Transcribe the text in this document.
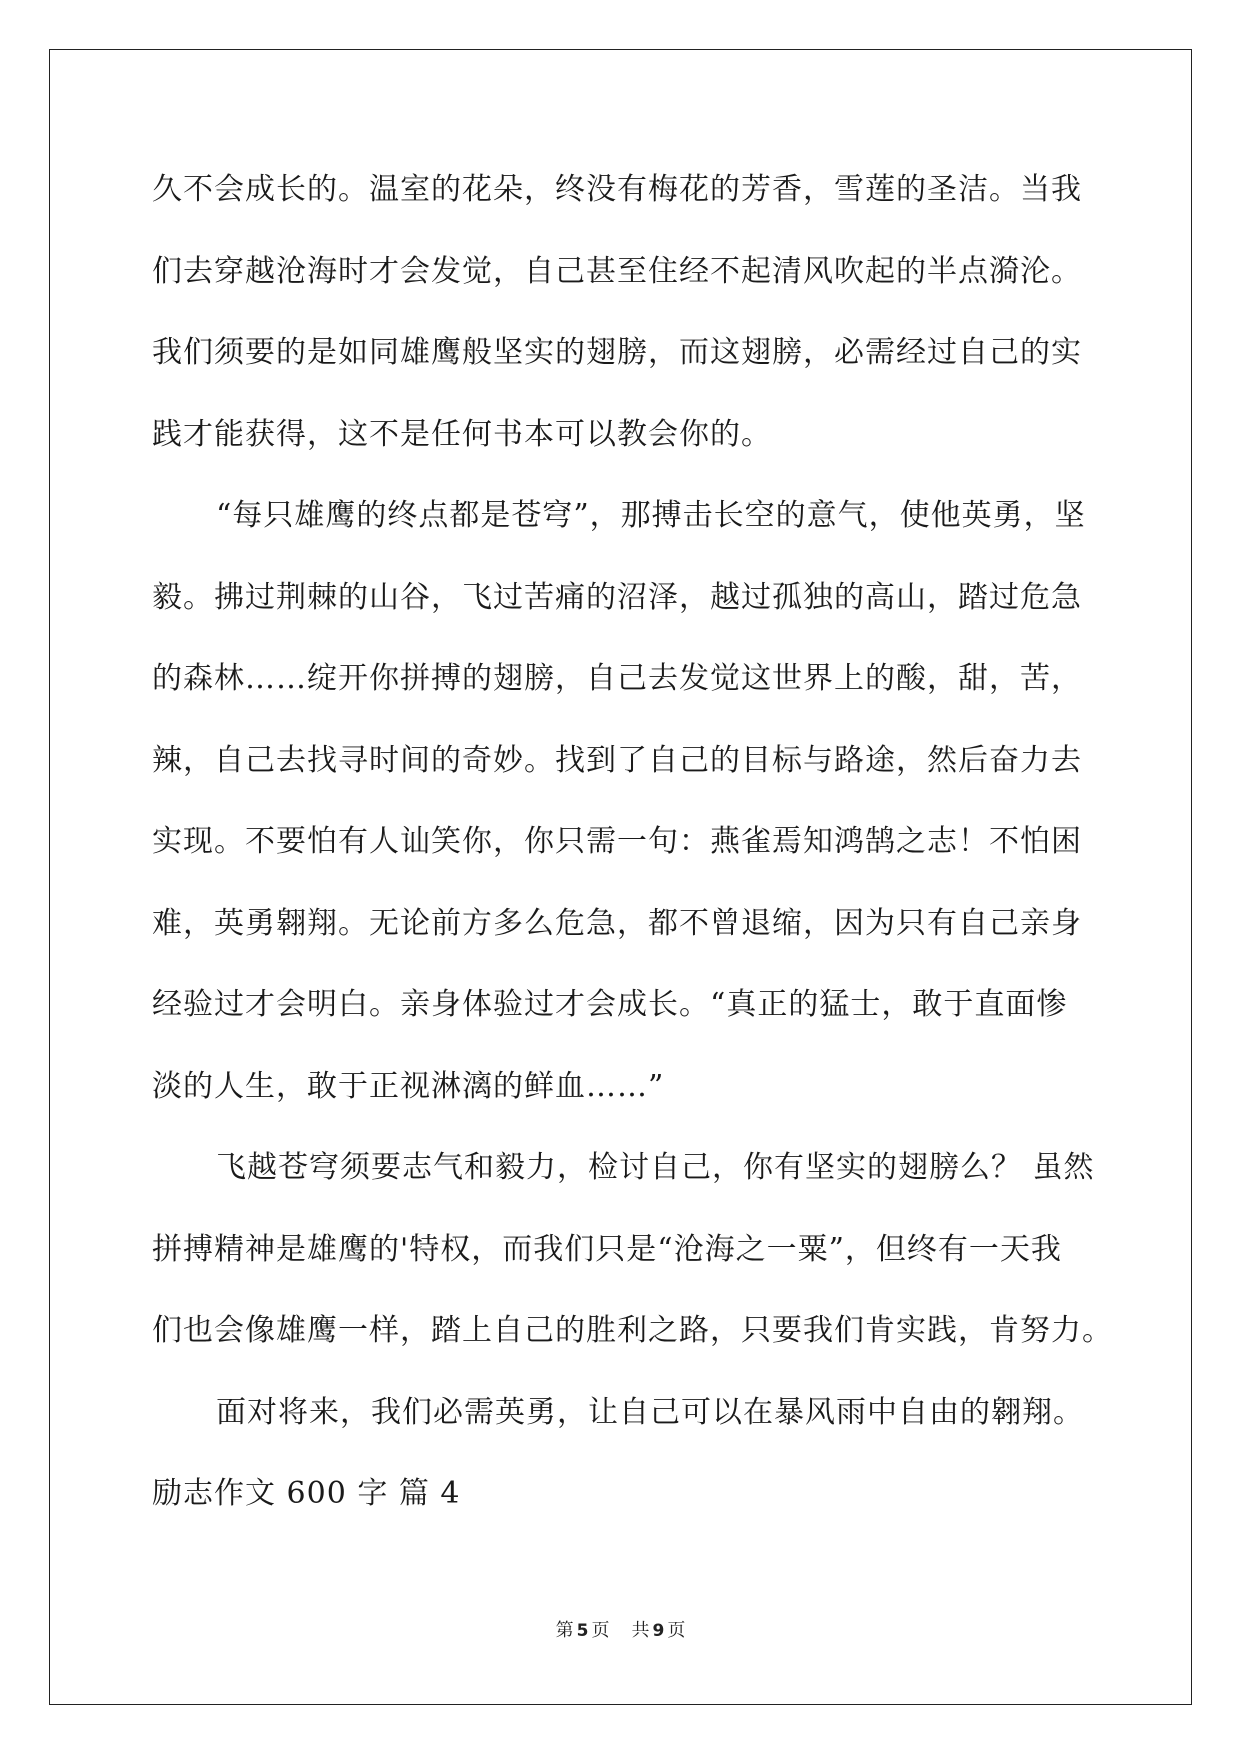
久不会成长的。温室的花朵，终没有梅花的芳香，雪莲的圣洁。当我
们去穿越沧海时才会发觉，自己甚至住经不起清风吹起的半点漪沦。
我们须要的是如同雄鹰般坚实的翅膀，而这翅膀，必需经过自己的实
践才能获得，这不是任何书本可以教会你的。
“每只雄鹰的终点都是苍穹”，那搏击长空的意气，使他英勇，坚
毅。拂过荆棘的山谷，飞过苦痛的沼泽，越过孤独的高山，踏过危急
的森林……绽开你拼搏的翅膀，自己去发觉这世界上的酸，甜，苦，
辣，自己去找寻时间的奇妙。找到了自己的目标与路途，然后奋力去
实现。不要怕有人讪笑你，你只需一句：燕雀焉知鸿鹄之志！不怕困
难，英勇翱翔。无论前方多么危急，都不曾退缩，因为只有自己亲身
经验过才会明白。亲身体验过才会成长。“真正的猛士，敢于直面惨
淡的人生，敢于正视淋漓的鲜血……”
飞越苍穹须要志气和毅力，检讨自己，你有坚实的翅膀么？ 虽然
拼搏精神是雄鹰的'特权，而我们只是“沧海之一粟”，但终有一天我
们也会像雄鹰一样，踏上自己的胜利之路，只要我们肯实践，肯努力。
面对将来，我们必需英勇，让自己可以在暴风雨中自由的翱翔。
励志作文 600 字 篇 4
第 5 页 共 9 页
